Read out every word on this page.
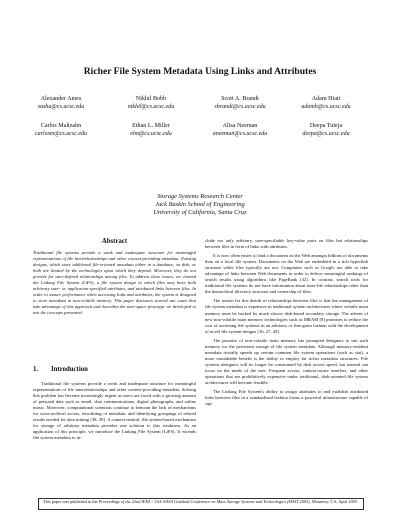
Richer File System Metadata Using Links and Attributes
Alexander Ames
sasha@cs.ucsc.edu
Nikhil Bobb
nikhil@cs.ucsc.edu
Scott A. Brandt
sbrandt@cs.ucsc.edu
Adam Hiatt
adamh@cs.ucsc.edu
Carlos Maltzahn
carlosm@cs.ucsc.edu
Ethan L. Miller
elm@cs.ucsc.edu
Alisa Neeman
aneeman@cs.ucsc.edu
Deepa Tuteja
deepa@cs.ucsc.edu
Storage Systems Research Center
Jack Baskin School of Engineering
University of California, Santa Cruz
Abstract
Traditional file systems provide a weak and inadequate structure for meaningful representations of file interrelationships and other context-providing metadata. Existing designs, which store additional file-oriented metadata either in a database, on disk, or both are limited by the technologies upon which they depend. Moreover, they do not provide for user-defined relationships among files. To address these issues, we created the Linking File System (LiFS), a file system design in which files may have both arbitrary user- or application-specified attributes, and attributed links between files. In order to assure performance when accessing links and attributes, the system is designed to store metadata in non-volatile memory. This paper discusses several use cases that take advantage of this approach and describes the user-space prototype we developed to test the concepts presented.
1. Introduction

Traditional file systems provide a weak and inadequate structure for meaningful representations of file interrelationships and other context-providing metadata. Solving this problem has become increasingly urgent as users are faced with a growing amount of personal data such as email, chat communications, digital photographs, and online music. Moreover, computational scientists continue to bemoan the lack of mechanisms for cross-archival access, retrofitting of metadata, and identifying groupings of related results needed for data mining [38, 39]. A context-neutral, file system-based mechanism for storage of arbitrary metadata provides one solution to this weakness. As an application of this principle, we introduce the Linking File System (LiFS). It extends file system metadata to in-

clude not only arbitrary, user-specifiable key-value pairs on files but relationships between files in form of links with attributes.

It is now often easier to find a document on the Web amongst billions of documents than on a local file system. Documents on the Web are embedded in a rich hyperlink structure while files typically are not. Companies such as Google are able to take advantage of links between Web documents in order to deliver meaningful rankings of search results using algorithms like PageRank [32]. In contrast, search tools for traditional file systems do not have information about inter-file relationships other than the hierarchical directory structure and ownership of files.

The reason for this dearth of relationships between files is that the management of file system metadata is expensive in traditional system architectures where volatile main memory must be backed by much slower disk-based secondary storage. The advent of new non-volatile main memory technologies such as MRAM [8] promises to reduce the cost of accessing file systems in an arbitrary or fine-grain fashion with the development of novel file system designs [16, 27, 49].

The promise of non-volatile main memory has prompted designers to use such memory for the persistent storage of file system metadata. Although memory-resident metadata trivially speeds up certain common file system operations (such as stat), a more remarkable benefit is the ability to employ far richer metadata structures. File systems designers will no longer be constrained by disk access speed, but instead can focus on the needs of the user. Frequent access, context-aware searches, and other operations that are prohibitively expensive under traditional, disk-oriented file system architectures will become feasible.

The Linking File System's ability to assign attributes to and establish attributed links between files in a standardized fashion forms a powerful infrastructure capable of sup-

This paper was published in the Proceedings of the 22nd IEEE / 13th NASA Goddard Conference on Mass Storage Systems and Technologies (MSST 2005), Monterey, CA, April 2005.
